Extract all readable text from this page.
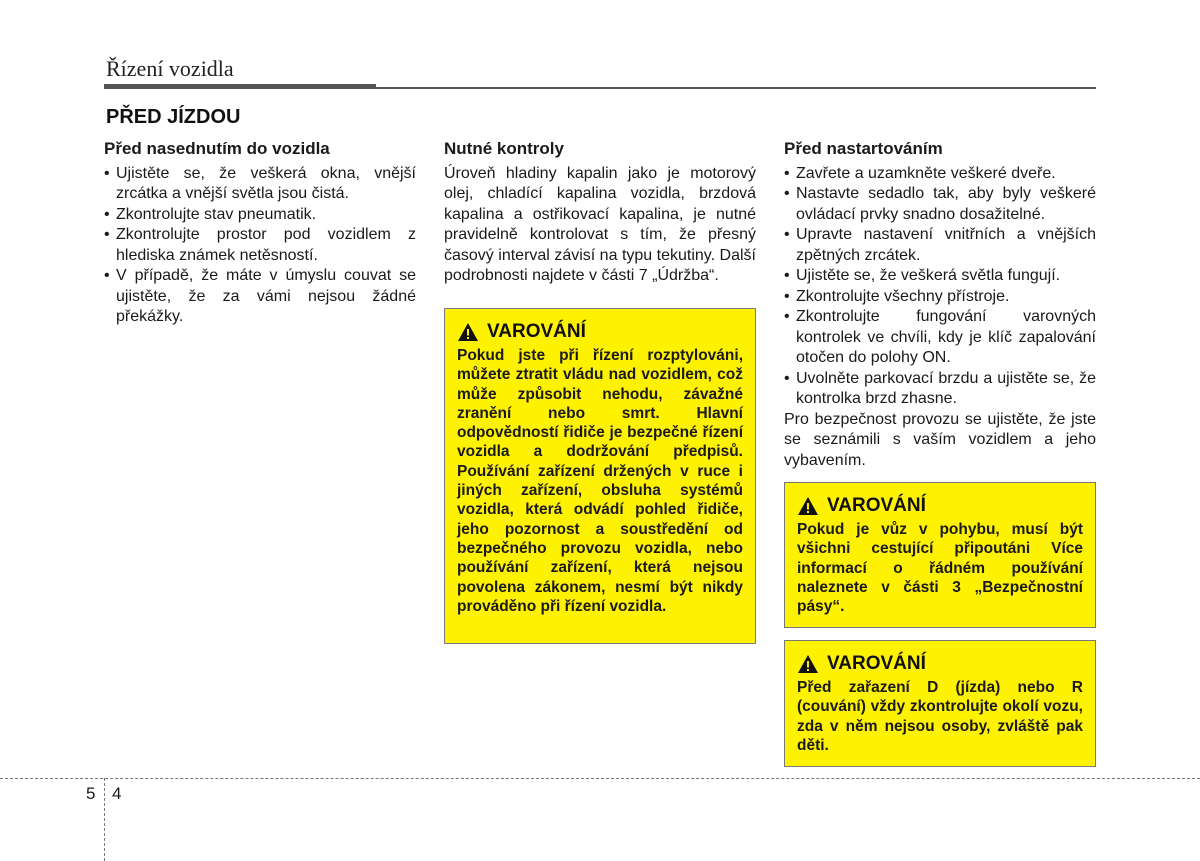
Řízení vozidla
PŘED JÍZDOU
Před nasednutím do vozidla
• Ujistěte se, že veškerá okna, vnější zrcátka a vnější světla jsou čistá.
• Zkontrolujte stav pneumatik.
• Zkontrolujte prostor pod vozidlem z hlediska známek netěsností.
• V případě, že máte v úmyslu couvat se ujistěte, že za vámi nejsou žádné překážky.
Nutné kontroly

Úroveň hladiny kapalin jako je motorový olej, chladící kapalina vozidla, brzdová kapalina a ostřikovací kapalina, je nutné pravidelně kontrolovat s tím, že přesný časový interval závisí na typu tekutiny. Další podrobnosti najdete v části 7 „Údržba“.

Před nastartováním
• Zavřete a uzamkněte veškeré dveře.
• Nastavte sedadlo tak, aby byly veškeré ovládací prvky snadno dosažitelné.
• Upravte nastavení vnitřních a vnějších zpětných zrcátek.
• Ujistěte se, že veškerá světla fungují.
• Zkontrolujte všechny přístroje.
• Zkontrolujte fungování varovných kontrolek ve chvíli, kdy je klíč zapalování otočen do polohy ON.
• Uvolněte parkovací brzdu a ujistěte se, že kontrolka brzd zhasne.

Pro bezpečnost provozu se ujistěte, že jste se seznámili s vaším vozidlem a jeho vybavením.

VAROVÁNÍ
Pokud jste při řízení rozptylováni, můžete ztratit vládu nad vozidlem, což může způsobit nehodu, závažné zranění nebo smrt. Hlavní odpovědností řidiče je bezpečné řízení vozidla a dodržování předpisů. Používání zařízení držených v ruce i jiných zařízení, obsluha systémů vozidla, která odvádí pohled řidiče, jeho pozornost a soustředění od bezpečného provozu vozidla, nebo používání zařízení, která nejsou povolena zákonem, nesmí být nikdy prováděno při řízení vozidla.
VAROVÁNÍ
Pokud je vůz v pohybu, musí být všichni cestující připoutáni Více informací o řádném používání naleznete v části 3 „Bezpečnostní pásy“.
VAROVÁNÍ
Před zařazení D (jízda) nebo R (couvání) vždy zkontrolujte okolí vozu, zda v něm nejsou osoby, zvláště pak děti.
5 4
